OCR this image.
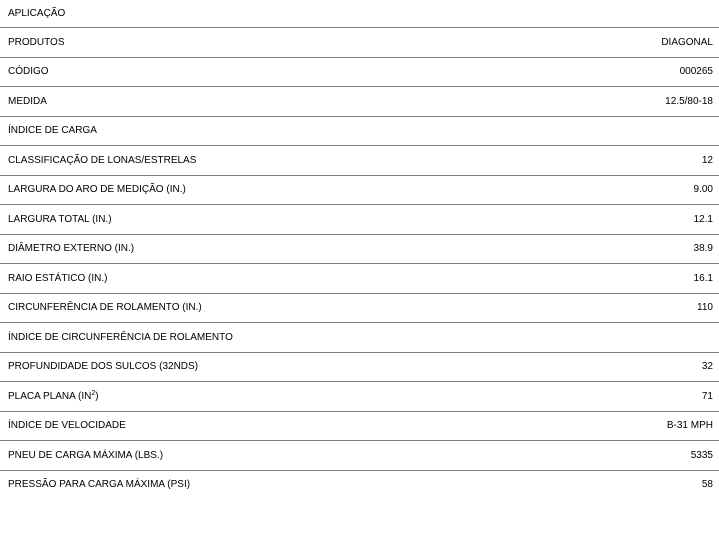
APLICAÇÃO
PRODUTOS	DIAGONAL
CÓDIGO	000265
MEDIDA	12.5/80-18
ÍNDICE DE CARGA
CLASSIFICAÇÃO DE LONAS/ESTRELAS	12
LARGURA DO ARO DE MEDIÇÃO (IN.)	9.00
LARGURA TOTAL (IN.)	12.1
DIÂMETRO EXTERNO (IN.)	38.9
RAIO ESTÁTICO (IN.)	16.1
CIRCUNFERÊNCIA DE ROLAMENTO (IN.)	110
ÍNDICE DE CIRCUNFERÊNCIA DE ROLAMENTO
PROFUNDIDADE DOS SULCOS (32NDS)	32
PLACA PLANA $(IN^2)$	71
ÍNDICE DE VELOCIDADE	B-31 MPH
PNEU DE CARGA MÁXIMA (LBS.)	5335
PRESSÃO PARA CARGA MÁXIMA (PSI)	58
